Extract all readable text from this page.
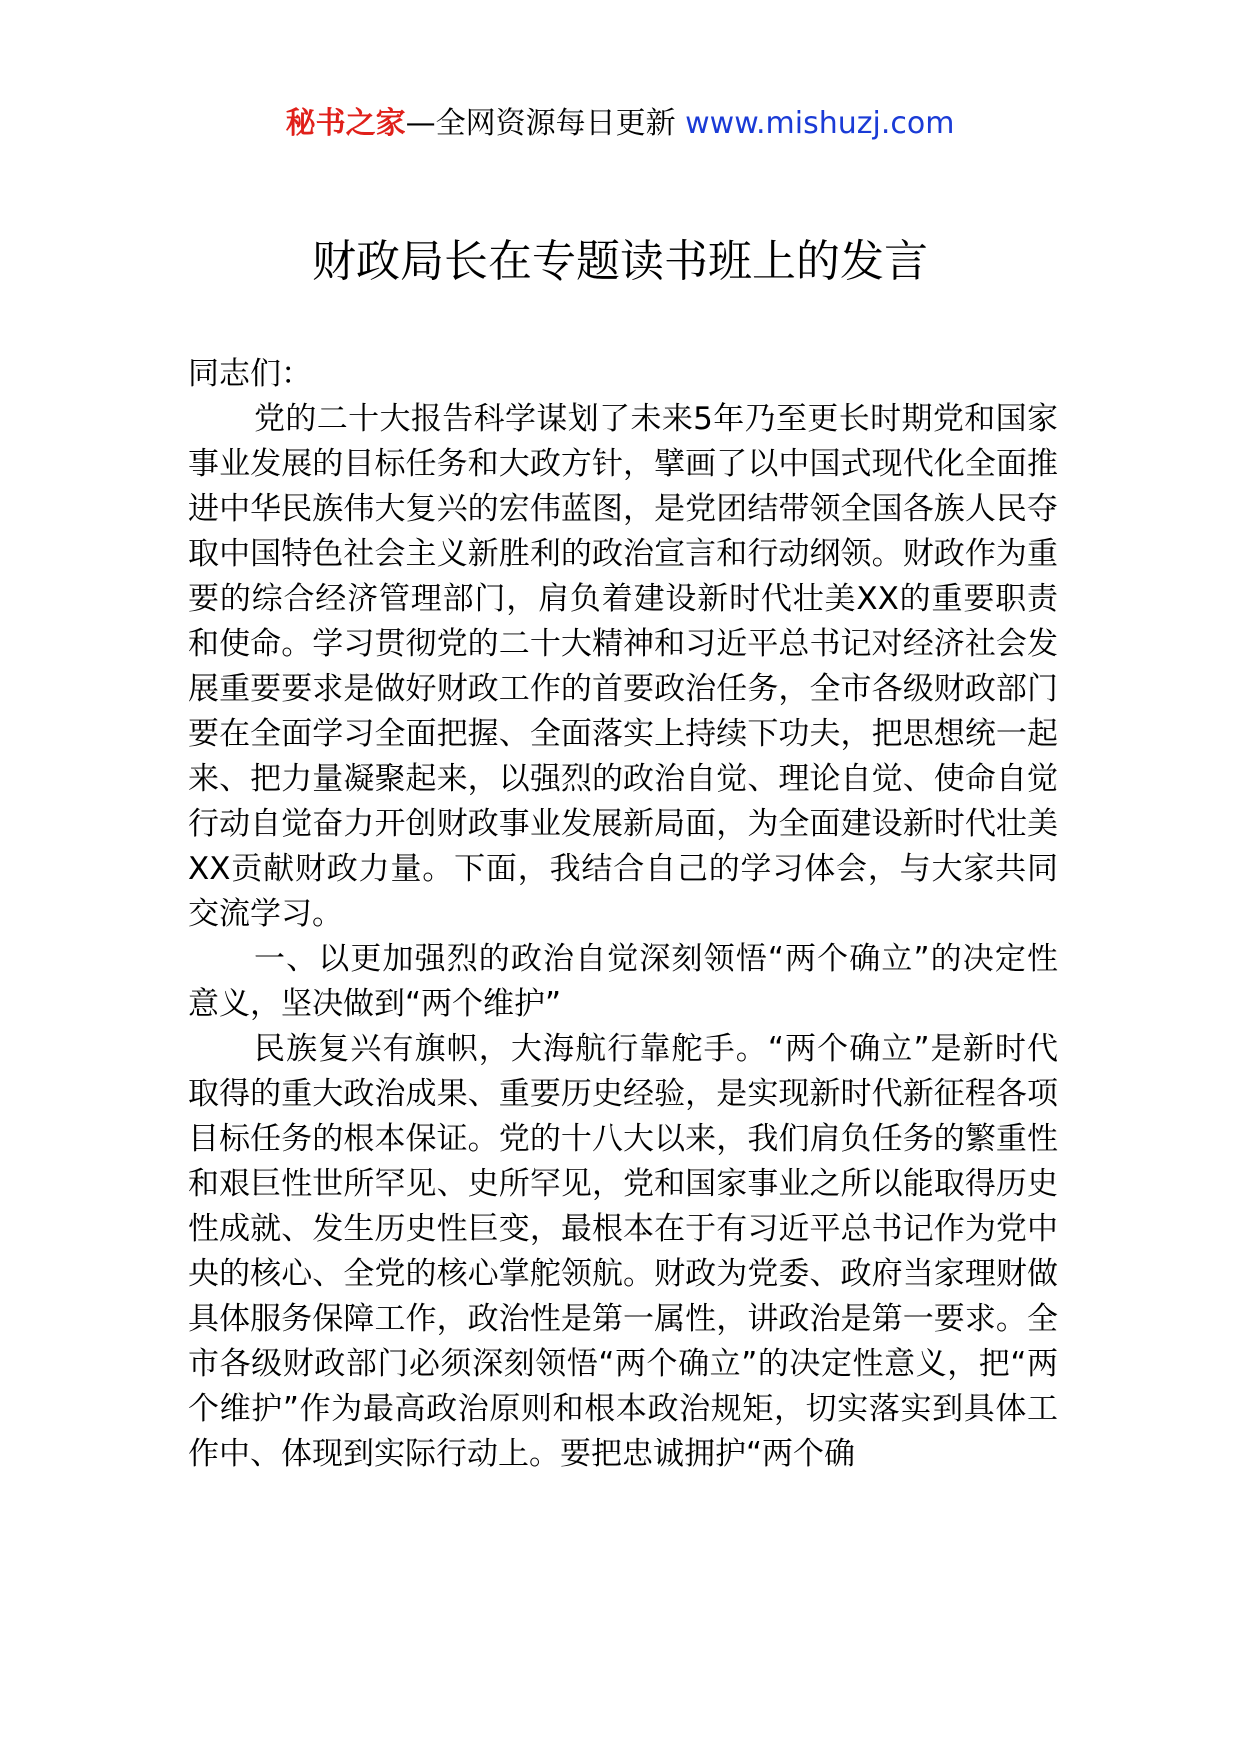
秘书之家—全网资源每日更新 www.mishuzj.com
财政局长在专题读书班上的发言

同志们：

党的二十大报告科学谋划了未来5年乃至更长时期党和国家事业发展的目标任务和大政方针，擘画了以中国式现代化全面推进中华民族伟大复兴的宏伟蓝图，是党团结带领全国各族人民夺取中国特色社会主义新胜利的政治宣言和行动纲领。财政作为重要的综合经济管理部门，肩负着建设新时代壮美XX的重要职责和使命。学习贯彻党的二十大精神和习近平总书记对经济社会发展重要要求是做好财政工作的首要政治任务，全市各级财政部门要在全面学习全面把握、全面落实上持续下功夫，把思想统一起来、把力量凝聚起来，以强烈的政治自觉、理论自觉、使命自觉行动自觉奋力开创财政事业发展新局面，为全面建设新时代壮美XX贡献财政力量。下面，我结合自己的学习体会，与大家共同交流学习。

一、以更加强烈的政治自觉深刻领悟“两个确立”的决定性意义，坚决做到“两个维护”

民族复兴有旗帜，大海航行靠舵手。“两个确立”是新时代取得的重大政治成果、重要历史经验，是实现新时代新征程各项目标任务的根本保证。党的十八大以来，我们肩负任务的繁重性和艰巨性世所罕见、史所罕见，党和国家事业之所以能取得历史性成就、发生历史性巨变，最根本在于有习近平总书记作为党中央的核心、全党的核心掌舵领航。财政为党委、政府当家理财做具体服务保障工作，政治性是第一属性，讲政治是第一要求。全市各级财政部门必须深刻领悟“两个确立”的决定性意义，把“两个维护”作为最高政治原则和根本政治规矩，切实落实到具体工作中、体现到实际行动上。要把忠诚拥护“两个确
